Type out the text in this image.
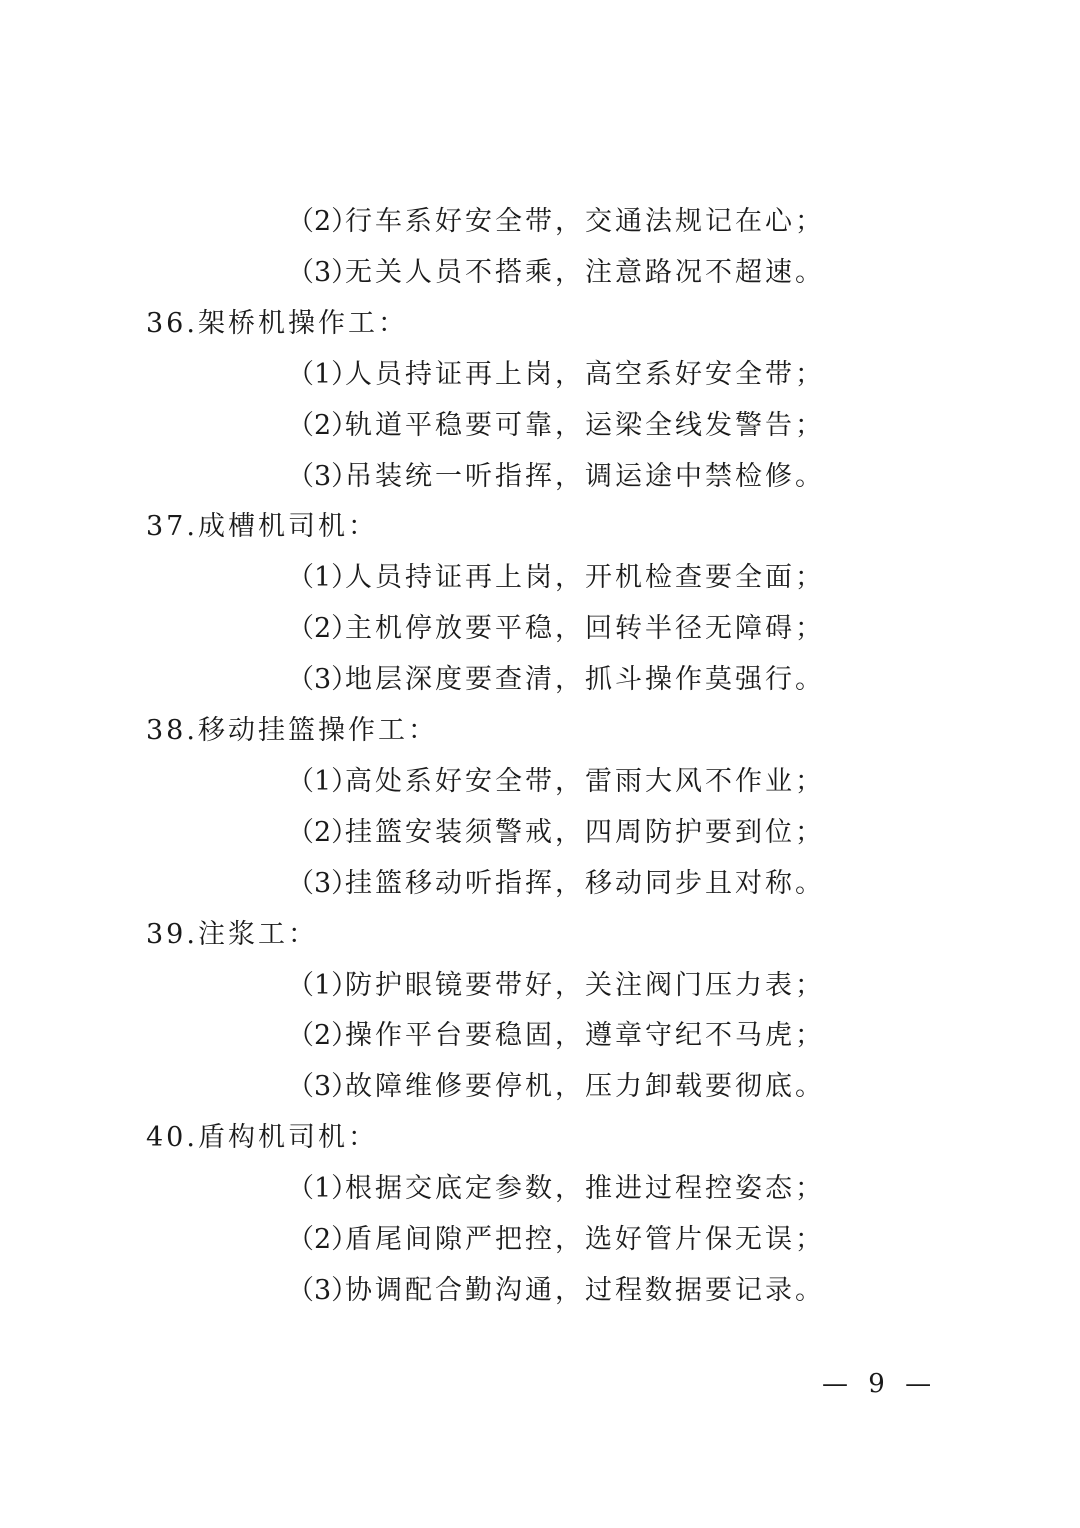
（2）行车系好安全带，交通法规记在心；
（3）无关人员不搭乘，注意路况不超速。
36.架桥机操作工：
（1）人员持证再上岗，高空系好安全带；
（2）轨道平稳要可靠，运梁全线发警告；
（3）吊装统一听指挥，调运途中禁检修。
37.成槽机司机：
（1）人员持证再上岗，开机检查要全面；
（2）主机停放要平稳，回转半径无障碍；
（3）地层深度要查清，抓斗操作莫强行。
38.移动挂篮操作工：
（1）高处系好安全带，雷雨大风不作业；
（2）挂篮安装须警戒，四周防护要到位；
（3）挂篮移动听指挥，移动同步且对称。
39.注浆工：
（1）防护眼镜要带好，关注阀门压力表；
（2）操作平台要稳固，遵章守纪不马虎；
（3）故障维修要停机，压力卸载要彻底。
40.盾构机司机：
（1）根据交底定参数，推进过程控姿态；
（2）盾尾间隙严把控，选好管片保无误；
（3）协调配合勤沟通，过程数据要记录。
— 9 —
